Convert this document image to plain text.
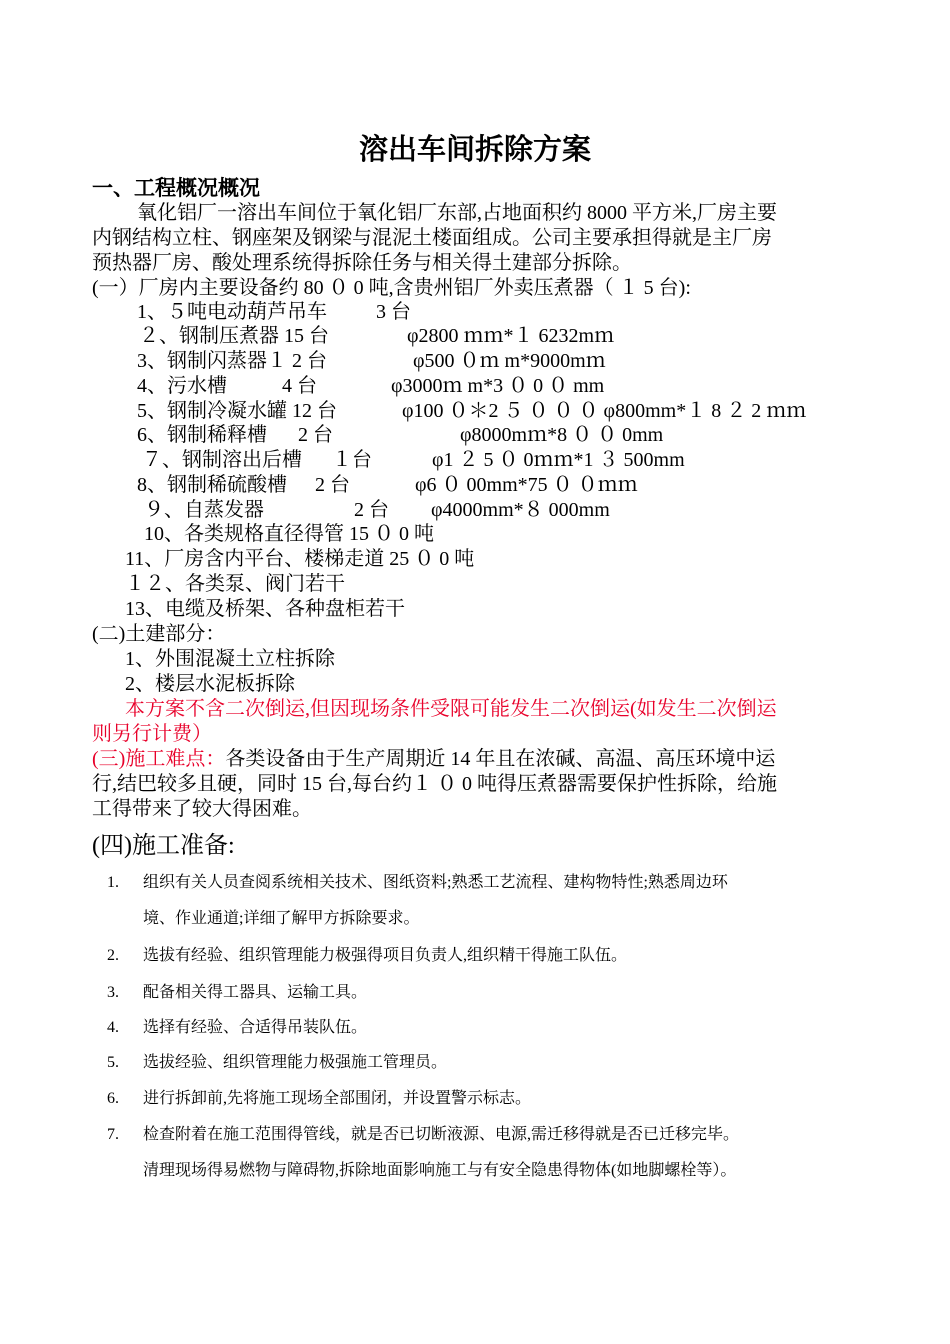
溶出车间拆除方案
一、工程概况概况
氧化铝厂一溶出车间位于氧化铝厂东部,占地面积约 8000 平方米,厂房主要
内钢结构立柱、钢座架及钢梁与混泥土楼面组成。公司主要承担得就是主厂房
预热器厂房、酸处理系统得拆除任务与相关得土建部分拆除。
(一）厂房内主要设备约 80 ０ 0 吨,含贵州铝厂外卖压煮器（ １ 5 台):
1、５吨电动葫芦吊车 3 台
２、钢制压煮器 15 台	φ2800 ｍｍ*１ 6232mｍ
3、钢制闪蒸器１ 2 台	φ500 ０ｍ m*9000mｍ
4、污水槽	4 台	φ3000ｍ m*3 ０ 0 ０ mm
5、钢制冷凝水罐 12 台	φ100 ０＊2 ５ ０ ０ ０ φ800mm*１ 8 ２ 2 ｍｍ
6、钢制稀释槽 2 台	φ8000mｍ*8 ０ ０ 0mm
７、钢制溶出后槽 １台	φ1 ２ 5 ０ 0ｍｍ*1 ３ 500mm
8、钢制稀硫酸槽 2 台	φ6 ０ 00mm*75 ０ ０ｍｍ
９、自蒸发器	2 台 φ4000mm*８ 000mm
10、各类规格直径得管 15 ０ 0 吨
11、厂房含内平台、楼梯走道 25 ０ 0 吨
１２、各类泵、阀门若干
13、电缆及桥架、各种盘柜若干
(二)土建部分：
1、外围混凝土立柱拆除
2、楼层水泥板拆除
本方案不含二次倒运,但因现场条件受限可能发生二次倒运(如发生二次倒运
则另行计费）
(三)施工难点：各类设备由于生产周期近 14 年且在浓碱、高温、高压环境中运
行,结巴较多且硬，同时 15 台,每台约１ ０ 0 吨得压煮器需要保护性拆除，给施
工得带来了较大得困难。
(四)施工准备:
1. 组织有关人员查阅系统相关技术、图纸资料;熟悉工艺流程、建构物特性;熟悉周边环
境、作业通道;详细了解甲方拆除要求。
2. 选拔有经验、组织管理能力极强得项目负责人,组织精干得施工队伍。
3. 配备相关得工器具、运输工具。
4. 选择有经验、合适得吊装队伍。
5. 选拔经验、组织管理能力极强施工管理员。
6. 进行拆卸前,先将施工现场全部围闭，并设置警示标志。
7. 检查附着在施工范围得管线，就是否已切断液源、电源,需迁移得就是否已迁移完毕。
清理现场得易燃物与障碍物,拆除地面影响施工与有安全隐患得物体(如地脚螺栓等）。
